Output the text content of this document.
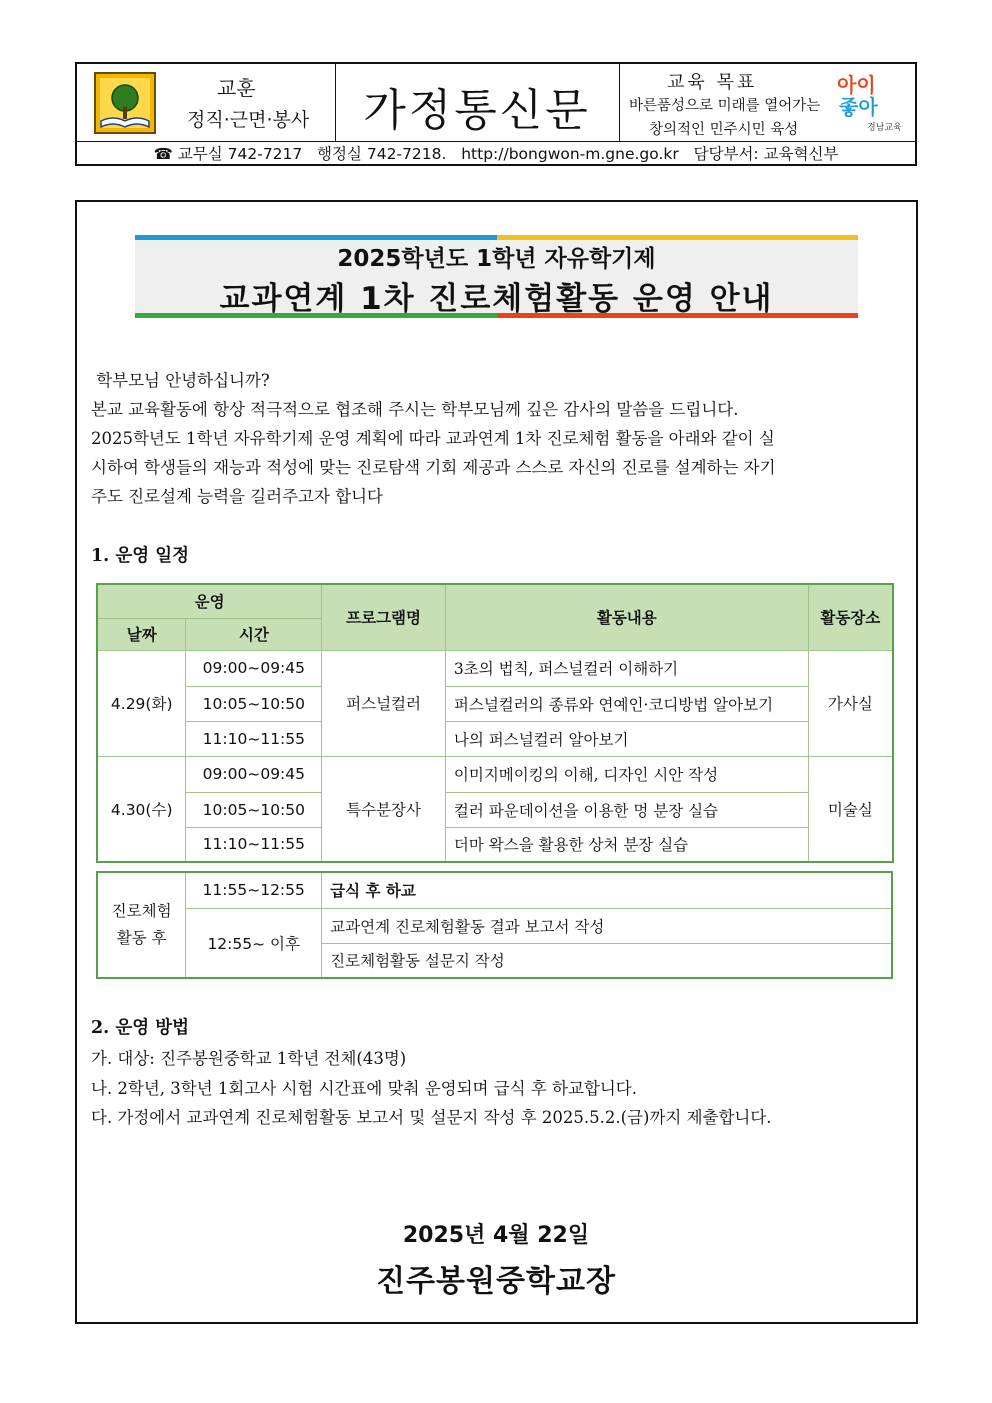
교훈
정직·근면·봉사	가정통신문
교육 목표
바른품성으로 미래를 열어가는
창의적인 민주시민 육성
아이
좋아
경남교육
☎ 교무실 742-7217   행정실 742-7218.   http://bongwon-m.gne.go.kr   담당부서: 교육혁신부
2025학년도 1학년 자유학기제
교과연계 1차 진로체험활동 운영 안내
학부모님 안녕하십니까?
본교 교육활동에 항상 적극적으로 협조해 주시는 학부모님께 깊은 감사의 말씀을 드립니다.
2025학년도 1학년 자유학기제 운영 계획에 따라 교과연계 1차 진로체험 활동을 아래와 같이 실
시하여 학생들의 재능과 적성에 맞는 진로탐색 기회 제공과 스스로 자신의 진로를 설계하는 자기
주도 진로설계 능력을 길러주고자 합니다
1. 운영 일정
운영		프로그램명	활동내용	활동장소
날짜	시간			
4.29(화)	09:00~09:45	퍼스널컬러	3초의 법칙, 퍼스널컬러 이해하기	가사실
	10:05~10:50		퍼스널컬러의 종류와 연예인·코디방법 알아보기	
	11:10~11:55		나의 퍼스널컬러 알아보기	
4.30(수)	09:00~09:45	특수분장사	이미지메이킹의 이해, 디자인 시안 작성	미술실
	10:05~10:50		컬러 파운데이션을 이용한 멍 분장 실습	
	11:10~11:55		더마 왁스을 활용한 상처 분장 실습	
진로체험
활동 후	11:55~12:55	급식 후 하교
	12:55~ 이후	교과연계 진로체험활동 결과 보고서 작성
		진로체험활동 설문지 작성
2. 운영 방법
가. 대상: 진주봉원중학교 1학년 전체(43명)
나. 2학년, 3학년 1회고사 시험 시간표에 맞춰 운영되며 급식 후 하교합니다.
다. 가정에서 교과연계 진로체험활동 보고서 및 설문지 작성 후 2025.5.2.(금)까지 제출합니다.
2025년 4월 22일
진주봉원중학교장
